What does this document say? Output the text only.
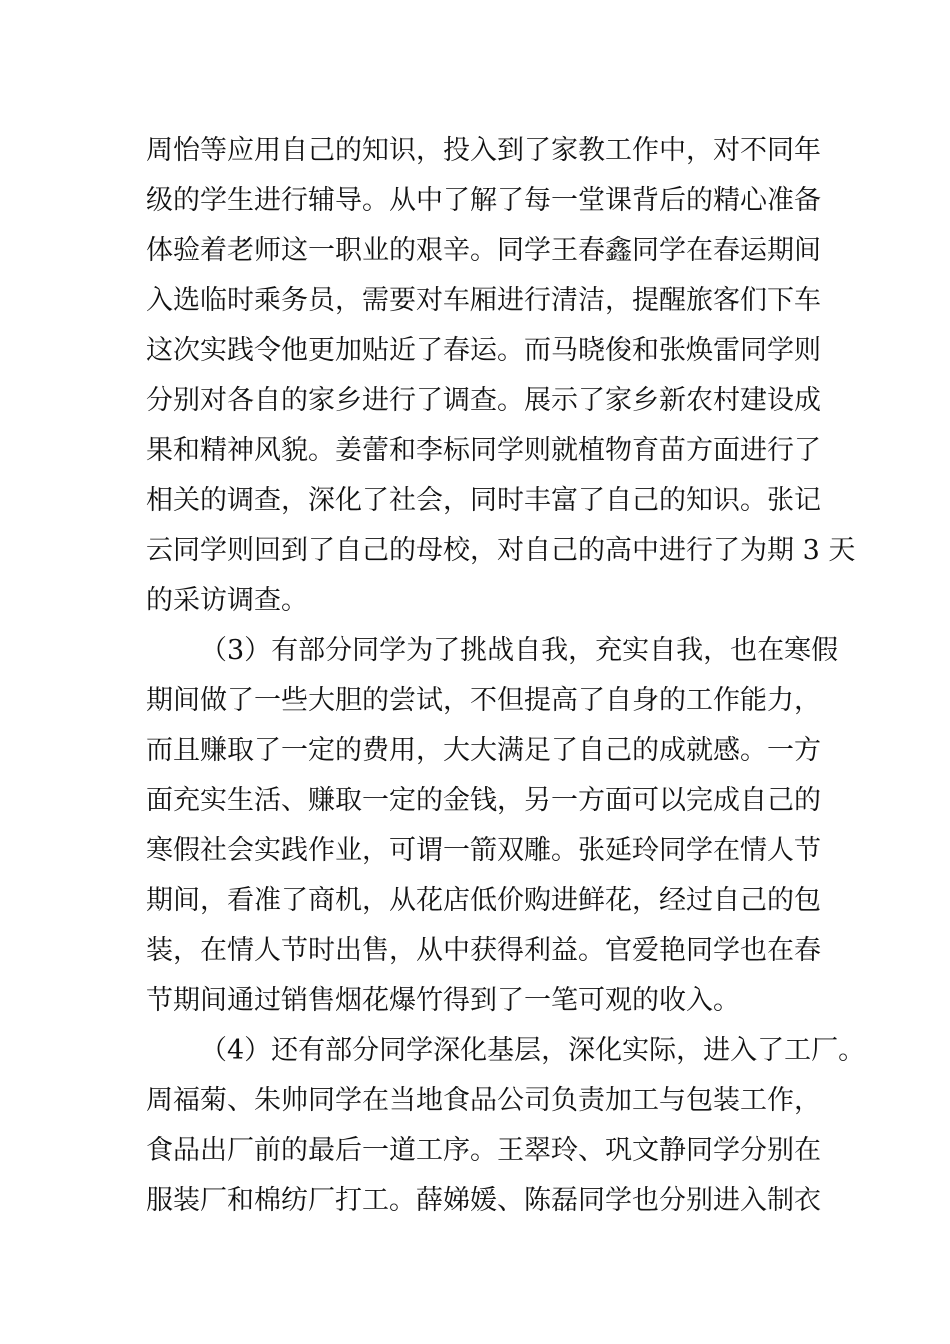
周怡等应用自己的知识，投入到了家教工作中，对不同年

级的学生进行辅导。从中了解了每一堂课背后的精心准备

体验着老师这一职业的艰辛。同学王春鑫同学在春运期间

入选临时乘务员，需要对车厢进行清洁，提醒旅客们下车

这次实践令他更加贴近了春运。而马晓俊和张焕雷同学则

分别对各自的家乡进行了调查。展示了家乡新农村建设成

果和精神风貌。姜蕾和李标同学则就植物育苗方面进行了

相关的调查，深化了社会，同时丰富了自己的知识。张记

云同学则回到了自己的母校，对自己的高中进行了为期 3 天

的采访调查。

（3）有部分同学为了挑战自我，充实自我，也在寒假

期间做了一些大胆的尝试，不但提高了自身的工作能力，

而且赚取了一定的费用，大大满足了自己的成就感。一方

面充实生活、赚取一定的金钱，另一方面可以完成自己的

寒假社会实践作业，可谓一箭双雕。张延玲同学在情人节

期间，看准了商机，从花店低价购进鲜花，经过自己的包

装，在情人节时出售，从中获得利益。官爱艳同学也在春

节期间通过销售烟花爆竹得到了一笔可观的收入。

（4）还有部分同学深化基层，深化实际，进入了工厂。

周福菊、朱帅同学在当地食品公司负责加工与包装工作，

食品出厂前的最后一道工序。王翠玲、巩文静同学分别在

服装厂和棉纺厂打工。薛娣媛、陈磊同学也分别进入制衣
